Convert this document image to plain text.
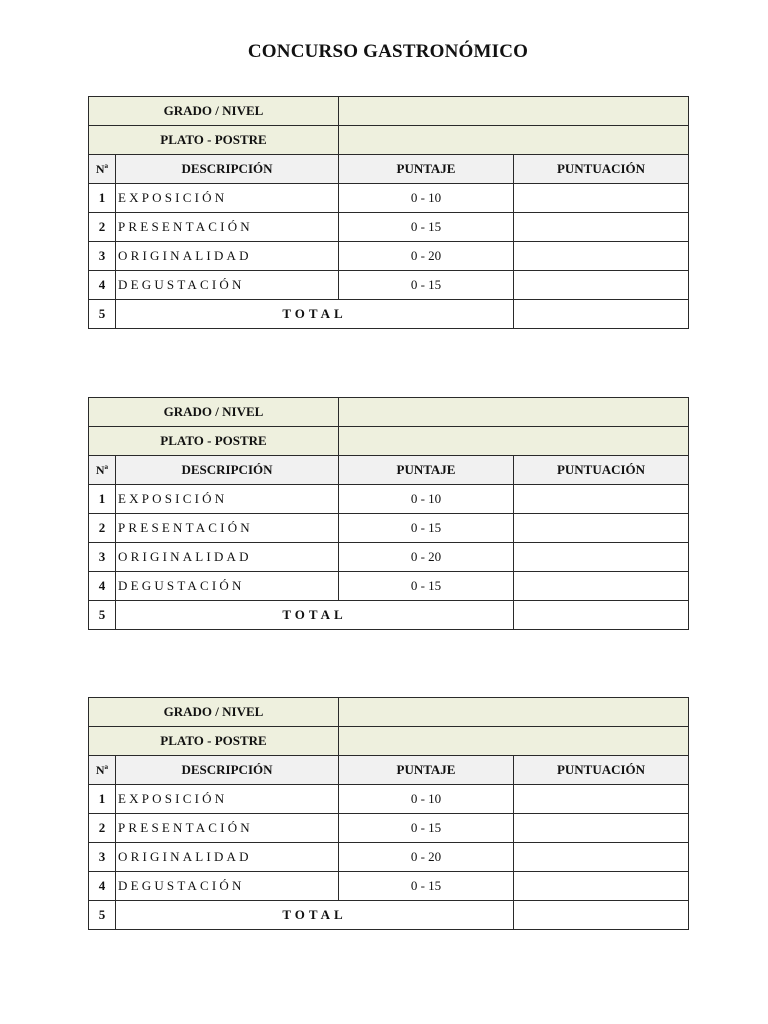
CONCURSO GASTRONÓMICO
GRADO / NIVEL			
PLATO - POSTRE			
Nª	DESCRIPCIÓN	PUNTAJE	PUNTUACIÓN
1	EXPOSICIÓN	0 - 10	
2	PRESENTACIÓN	0 - 15	
3	ORIGINALIDAD	0 - 20	
4	DEGUSTACIÓN	0 - 15	
5	TOTAL		
GRADO / NIVEL			
PLATO - POSTRE			
Nª	DESCRIPCIÓN	PUNTAJE	PUNTUACIÓN
1	EXPOSICIÓN	0 - 10	
2	PRESENTACIÓN	0 - 15	
3	ORIGINALIDAD	0 - 20	
4	DEGUSTACIÓN	0 - 15	
5	TOTAL		
GRADO / NIVEL			
PLATO - POSTRE			
Nª	DESCRIPCIÓN	PUNTAJE	PUNTUACIÓN
1	EXPOSICIÓN	0 - 10	
2	PRESENTACIÓN	0 - 15	
3	ORIGINALIDAD	0 - 20	
4	DEGUSTACIÓN	0 - 15	
5	TOTAL		
